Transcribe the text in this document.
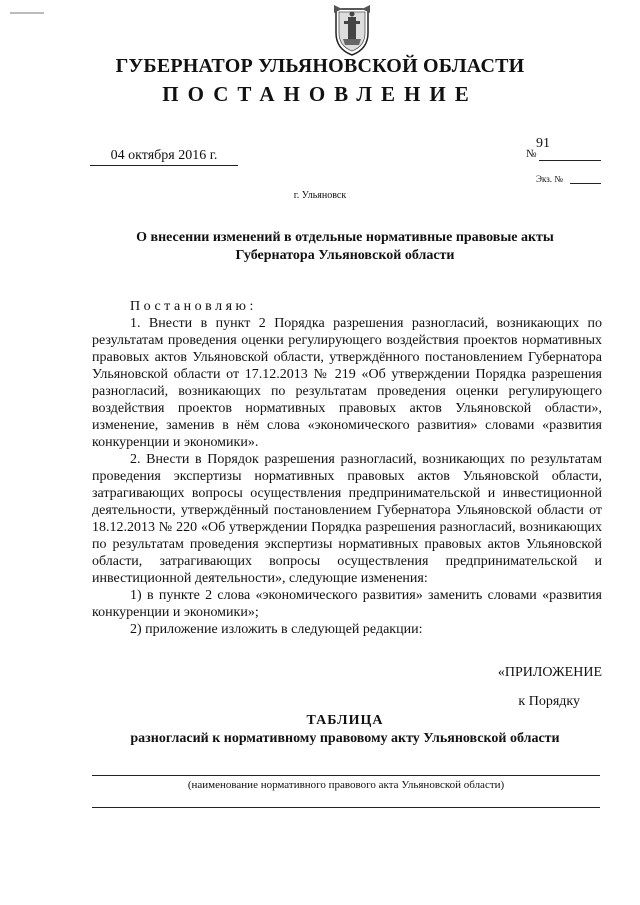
ГУБЕРНАТОР УЛЬЯНОВСКОЙ ОБЛАСТИ
ПОСТАНОВЛЕНИЕ
04 октября 2016 г.
91
№
Экз. №
г. Ульяновск
О внесении изменений в отдельные нормативные правовые акты
Губернатора Ульяновской области

Постановляю:

1. Внести в пункт 2 Порядка разрешения разногласий, возникающих по результатам проведения оценки регулирующего воздействия проектов нормативных правовых актов Ульяновской области, утверждённого постановлением Губернатора Ульяновской области от 17.12.2013 № 219 «Об утверждении Порядка разрешения разногласий, возникающих по результатам проведения оценки регулирующего воздействия проектов нормативных правовых актов Ульяновской области», изменение, заменив в нём слова «экономического развития» словами «развития конкуренции и экономики».

2. Внести в Порядок разрешения разногласий, возникающих по результатам проведения экспертизы нормативных правовых актов Ульяновской области, затрагивающих вопросы осуществления предпринимательской и инвестиционной деятельности, утверждённый постановлением Губернатора Ульяновской области от 18.12.2013 № 220 «Об утверждении Порядка разрешения разногласий, возникающих по результатам проведения экспертизы нормативных правовых актов Ульяновской области, затрагивающих вопросы осуществления предпринимательской и инвестиционной деятельности», следующие изменения:

1) в пункте 2 слова «экономического развития» заменить словами «развития конкуренции и экономики»;

2) приложение изложить в следующей редакции:

«ПРИЛОЖЕНИЕ
к Порядку
ТАБЛИЦА
разногласий к нормативному правовому акту Ульяновской области
(наименование нормативного правового акта Ульяновской области)
